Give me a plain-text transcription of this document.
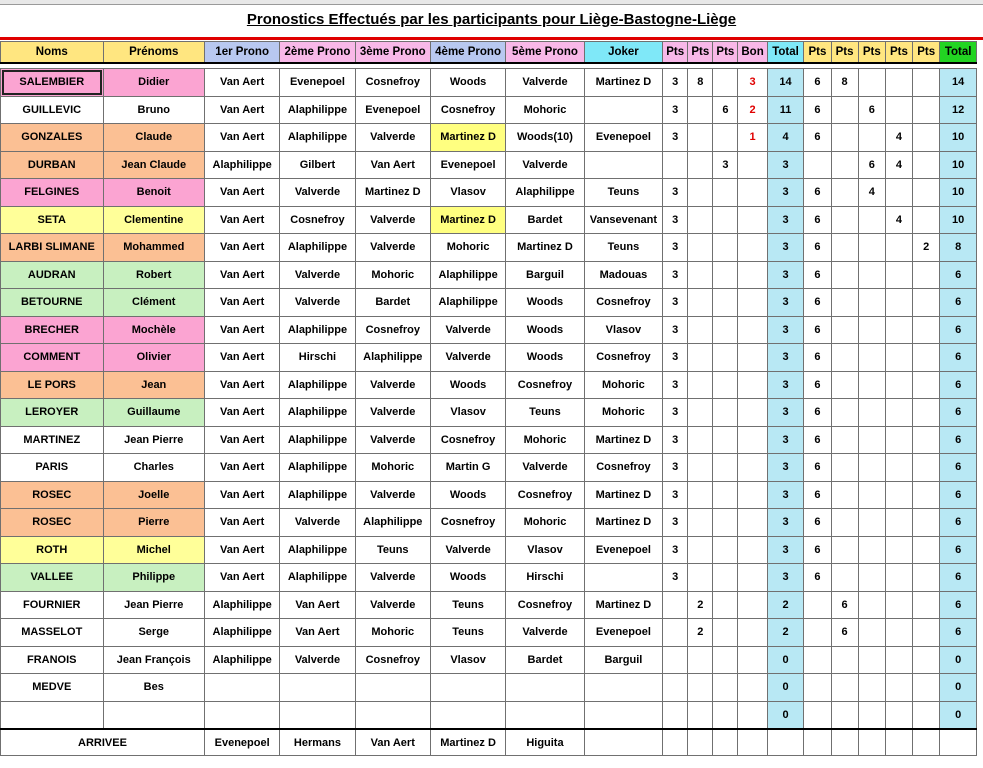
Pronostics Effectués par les participants pour Liège-Bastogne-Liège
Noms	Prénoms	1er Prono	2ème Prono	3ème Prono	4ème Prono	5ème Prono	Joker	Pts	Pts	Pts	Bon	Total	Pts	Pts	Pts	Pts	Pts	Total

SALEMBIER	Didier	Van Aert	Evenepoel	Cosnefroy	Woods	Valverde	Martinez D	3	8		3	14	6	8				14
GUILLEVIC	Bruno	Van Aert	Alaphilippe	Evenepoel	Cosnefroy	Mohoric		3		6	2	11	6		6			12
GONZALES	Claude	Van Aert	Alaphilippe	Valverde	Martinez D	Woods(10)	Evenepoel	3			1	4	6			4		10
DURBAN	Jean Claude	Alaphilippe	Gilbert	Van Aert	Evenepoel	Valverde				3		3			6	4		10
FELGINES	Benoit	Van Aert	Valverde	Martinez D	Vlasov	Alaphilippe	Teuns	3				3	6		4			10
SETA	Clementine	Van Aert	Cosnefroy	Valverde	Martinez D	Bardet	Vansevenant	3				3	6			4		10
LARBI SLIMANE	Mohammed	Van Aert	Alaphilippe	Valverde	Mohoric	Martinez D	Teuns	3				3	6				2	8
AUDRAN	Robert	Van Aert	Valverde	Mohoric	Alaphilippe	Barguil	Madouas	3				3	6					6
BETOURNE	Clément	Van Aert	Valverde	Bardet	Alaphilippe	Woods	Cosnefroy	3				3	6					6
BRECHER	Mochèle	Van Aert	Alaphilippe	Cosnefroy	Valverde	Woods	Vlasov	3				3	6					6
COMMENT	Olivier	Van Aert	Hirschi	Alaphilippe	Valverde	Woods	Cosnefroy	3				3	6					6
LE PORS	Jean	Van Aert	Alaphilippe	Valverde	Woods	Cosnefroy	Mohoric	3				3	6					6
LEROYER	Guillaume	Van Aert	Alaphilippe	Valverde	Vlasov	Teuns	Mohoric	3				3	6					6
MARTINEZ	Jean Pierre	Van Aert	Alaphilippe	Valverde	Cosnefroy	Mohoric	Martinez D	3				3	6					6
PARIS	Charles	Van Aert	Alaphilippe	Mohoric	Martin G	Valverde	Cosnefroy	3				3	6					6
ROSEC	Joelle	Van Aert	Alaphilippe	Valverde	Woods	Cosnefroy	Martinez D	3				3	6					6
ROSEC	Pierre	Van Aert	Valverde	Alaphilippe	Cosnefroy	Mohoric	Martinez D	3				3	6					6
ROTH	Michel	Van Aert	Alaphilippe	Teuns	Valverde	Vlasov	Evenepoel	3				3	6					6
VALLEE	Philippe	Van Aert	Alaphilippe	Valverde	Woods	Hirschi		3				3	6					6
FOURNIER	Jean Pierre	Alaphilippe	Van Aert	Valverde	Teuns	Cosnefroy	Martinez D		2			2		6				6
MASSELOT	Serge	Alaphilippe	Van Aert	Mohoric	Teuns	Valverde	Evenepoel		2			2		6				6
FRANOIS	Jean François	Alaphilippe	Valverde	Cosnefroy	Vlasov	Bardet	Barguil					0						0
MEDVE	Bes											0						0
												0						0
ARRIVEE		Evenepoel	Hermans	Van Aert	Martinez D	Higuita												
